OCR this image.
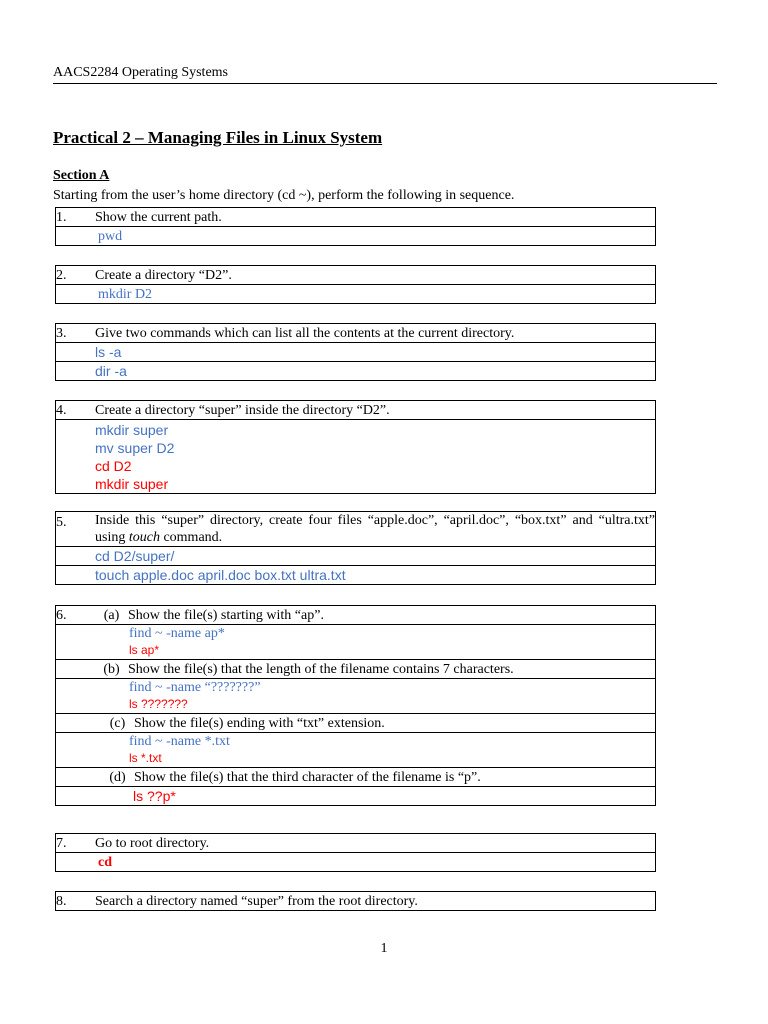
AACS2284 Operating Systems
Practical 2 – Managing Files in Linux System
Section A
Starting from the user’s home directory (cd ~), perform the following in sequence.
1.	Show the current path.
pwd
2.	Create a directory “D2”.
mkdir D2
3.	Give two commands which can list all the contents at the current directory.
ls -a
dir -a
4.	Create a directory “super” inside the directory “D2”.

mkdir super
mv super D2
cd D2
mkdir super
5.	Inside this “super” directory, create four files “apple.doc”, “april.doc”, “box.txt” and “ultra.txt” using touch command.
cd D2/super/
touch apple.doc april.doc box.txt ultra.txt
6.	(a) Show the file(s) starting with “ap”.

find ~ -name ap*
ls ap*	

	(b) Show the file(s) that the length of the filename contains 7 characters.

find ~ -name “???????”
ls ???????	

	(c) Show the file(s) ending with “txt” extension.

find ~ -name *.txt
ls *.txt	

	(d) Show the file(s) that the third character of the filename is “p”.
ls ??p*	
7.	Go to root directory.
cd
8.	Search a directory named “super” from the root directory.
1
